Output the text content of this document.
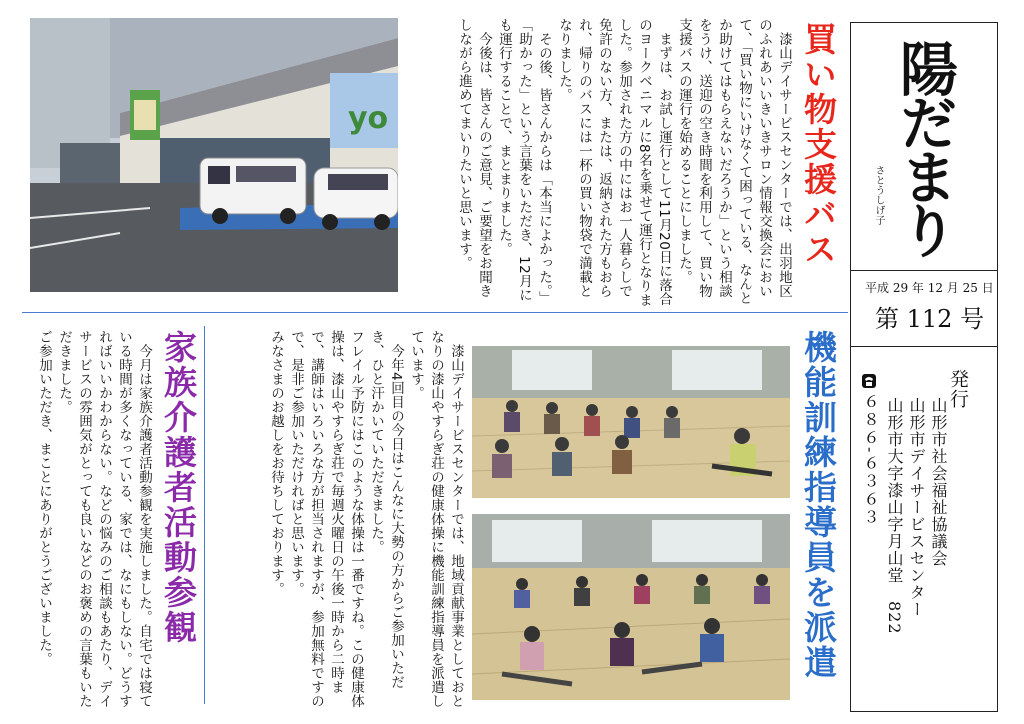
陽だまり
さとうしげ子
平成 29 年 12 月 25 日
第 112 号
発行
山形市社会福祉協議会
山形市デイサービスセンター
山形市大字漆山字月山堂　822
６８６-６３６３
yo	買い物支援バス
　漆山デイサービスセンターでは、出羽地区のふれあいいきいきサロン情報交換会において、「買い物にいけなくて困っている、なんとか助けてはもらえないだろうか」という相談をうけ、送迎の空き時間を利用して、買い物支援バスの運行を始めることにしました。
　まずは、お試し運行として11月20日に落合のヨークベニマルに8名を乗せて運行となりました。参加された方の中にはお一人暮らしで免許のない方、または、返納された方もおられ、帰りのバスには一杯の買い物袋で満載となりました。
　その後、皆さんからは「本当によかった。」「助かった」という言葉をいただき、12月にも運行することで、まとまりました。
　今後は、皆さんのご意見、ご要望をお聞きしながら進めてまいりたいと思います。
機能訓練指導員を派遣
　漆山デイサービスセンターでは、地域貢献事業としておとなりの漆山やすらぎ荘の健康体操に機能訓練指導員を派遣しています。
　今年4回目の今日はこんなに大勢の方からご参加いただき、ひと汗かいていただきました。
フレイル予防にはこのような体操は一番ですね。この健康体操は、漆山やすらぎ荘で毎週火曜日の午後一時から二時まで、講師はいろいろな方が担当されますが、参加無料ですので、是非ご参加いただければと思います。
みなさまのお越しをお待ちしております。
家族介護者活動参観
　今月は家族介護者活動参観を実施しました。自宅では寝ている時間が多くなっている、家では、なにもしない。どうすればいいかわからない。などの悩みのご相談もあたり、デイサービスの雰囲気がとっても良いなどのお褒めの言葉もいただきました。
ご参加いただき、まことにありがとうございました。
